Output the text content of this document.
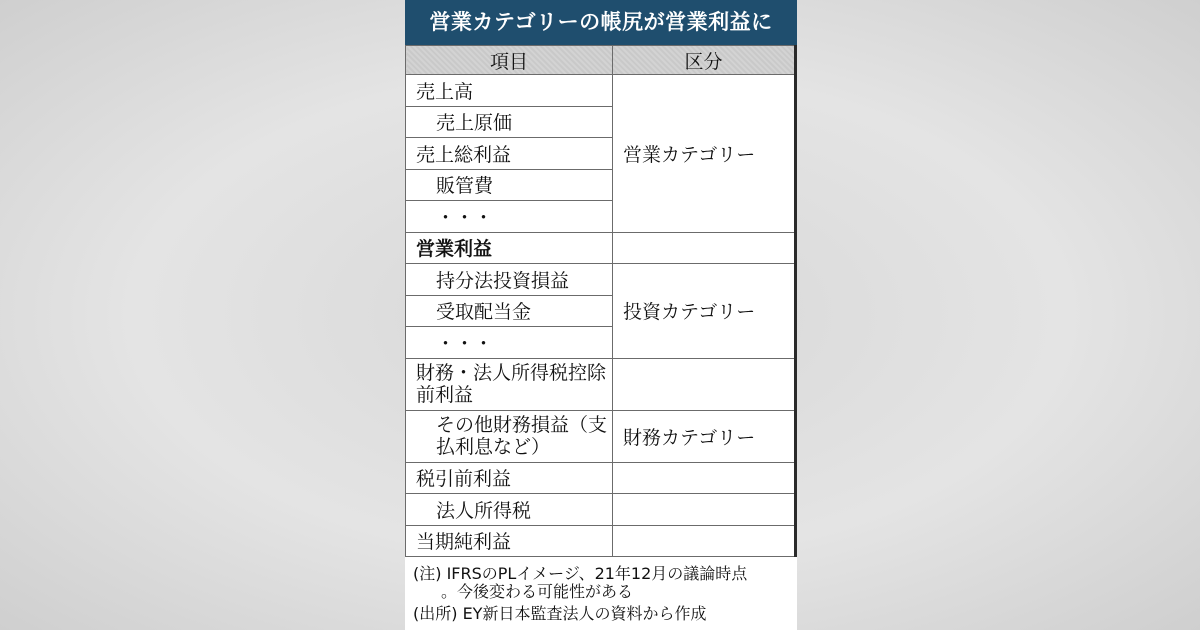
営業カテゴリーの帳尻が営業利益に
項目	区分
売上高	営業カテゴリー
売上原価	
売上総利益	
販管費	
・・・	
営業利益	
持分法投資損益	投資カテゴリー
受取配当金	
・・・	
財務・法人所得税控除前利益	
その他財務損益（支払利息など）	財務カテゴリー
税引前利益	
法人所得税	
当期純利益	
(注) IFRSのPLイメージ、21年12月の議論時点
。今後変わる可能性がある
(出所) EY新日本監査法人の資料から作成
